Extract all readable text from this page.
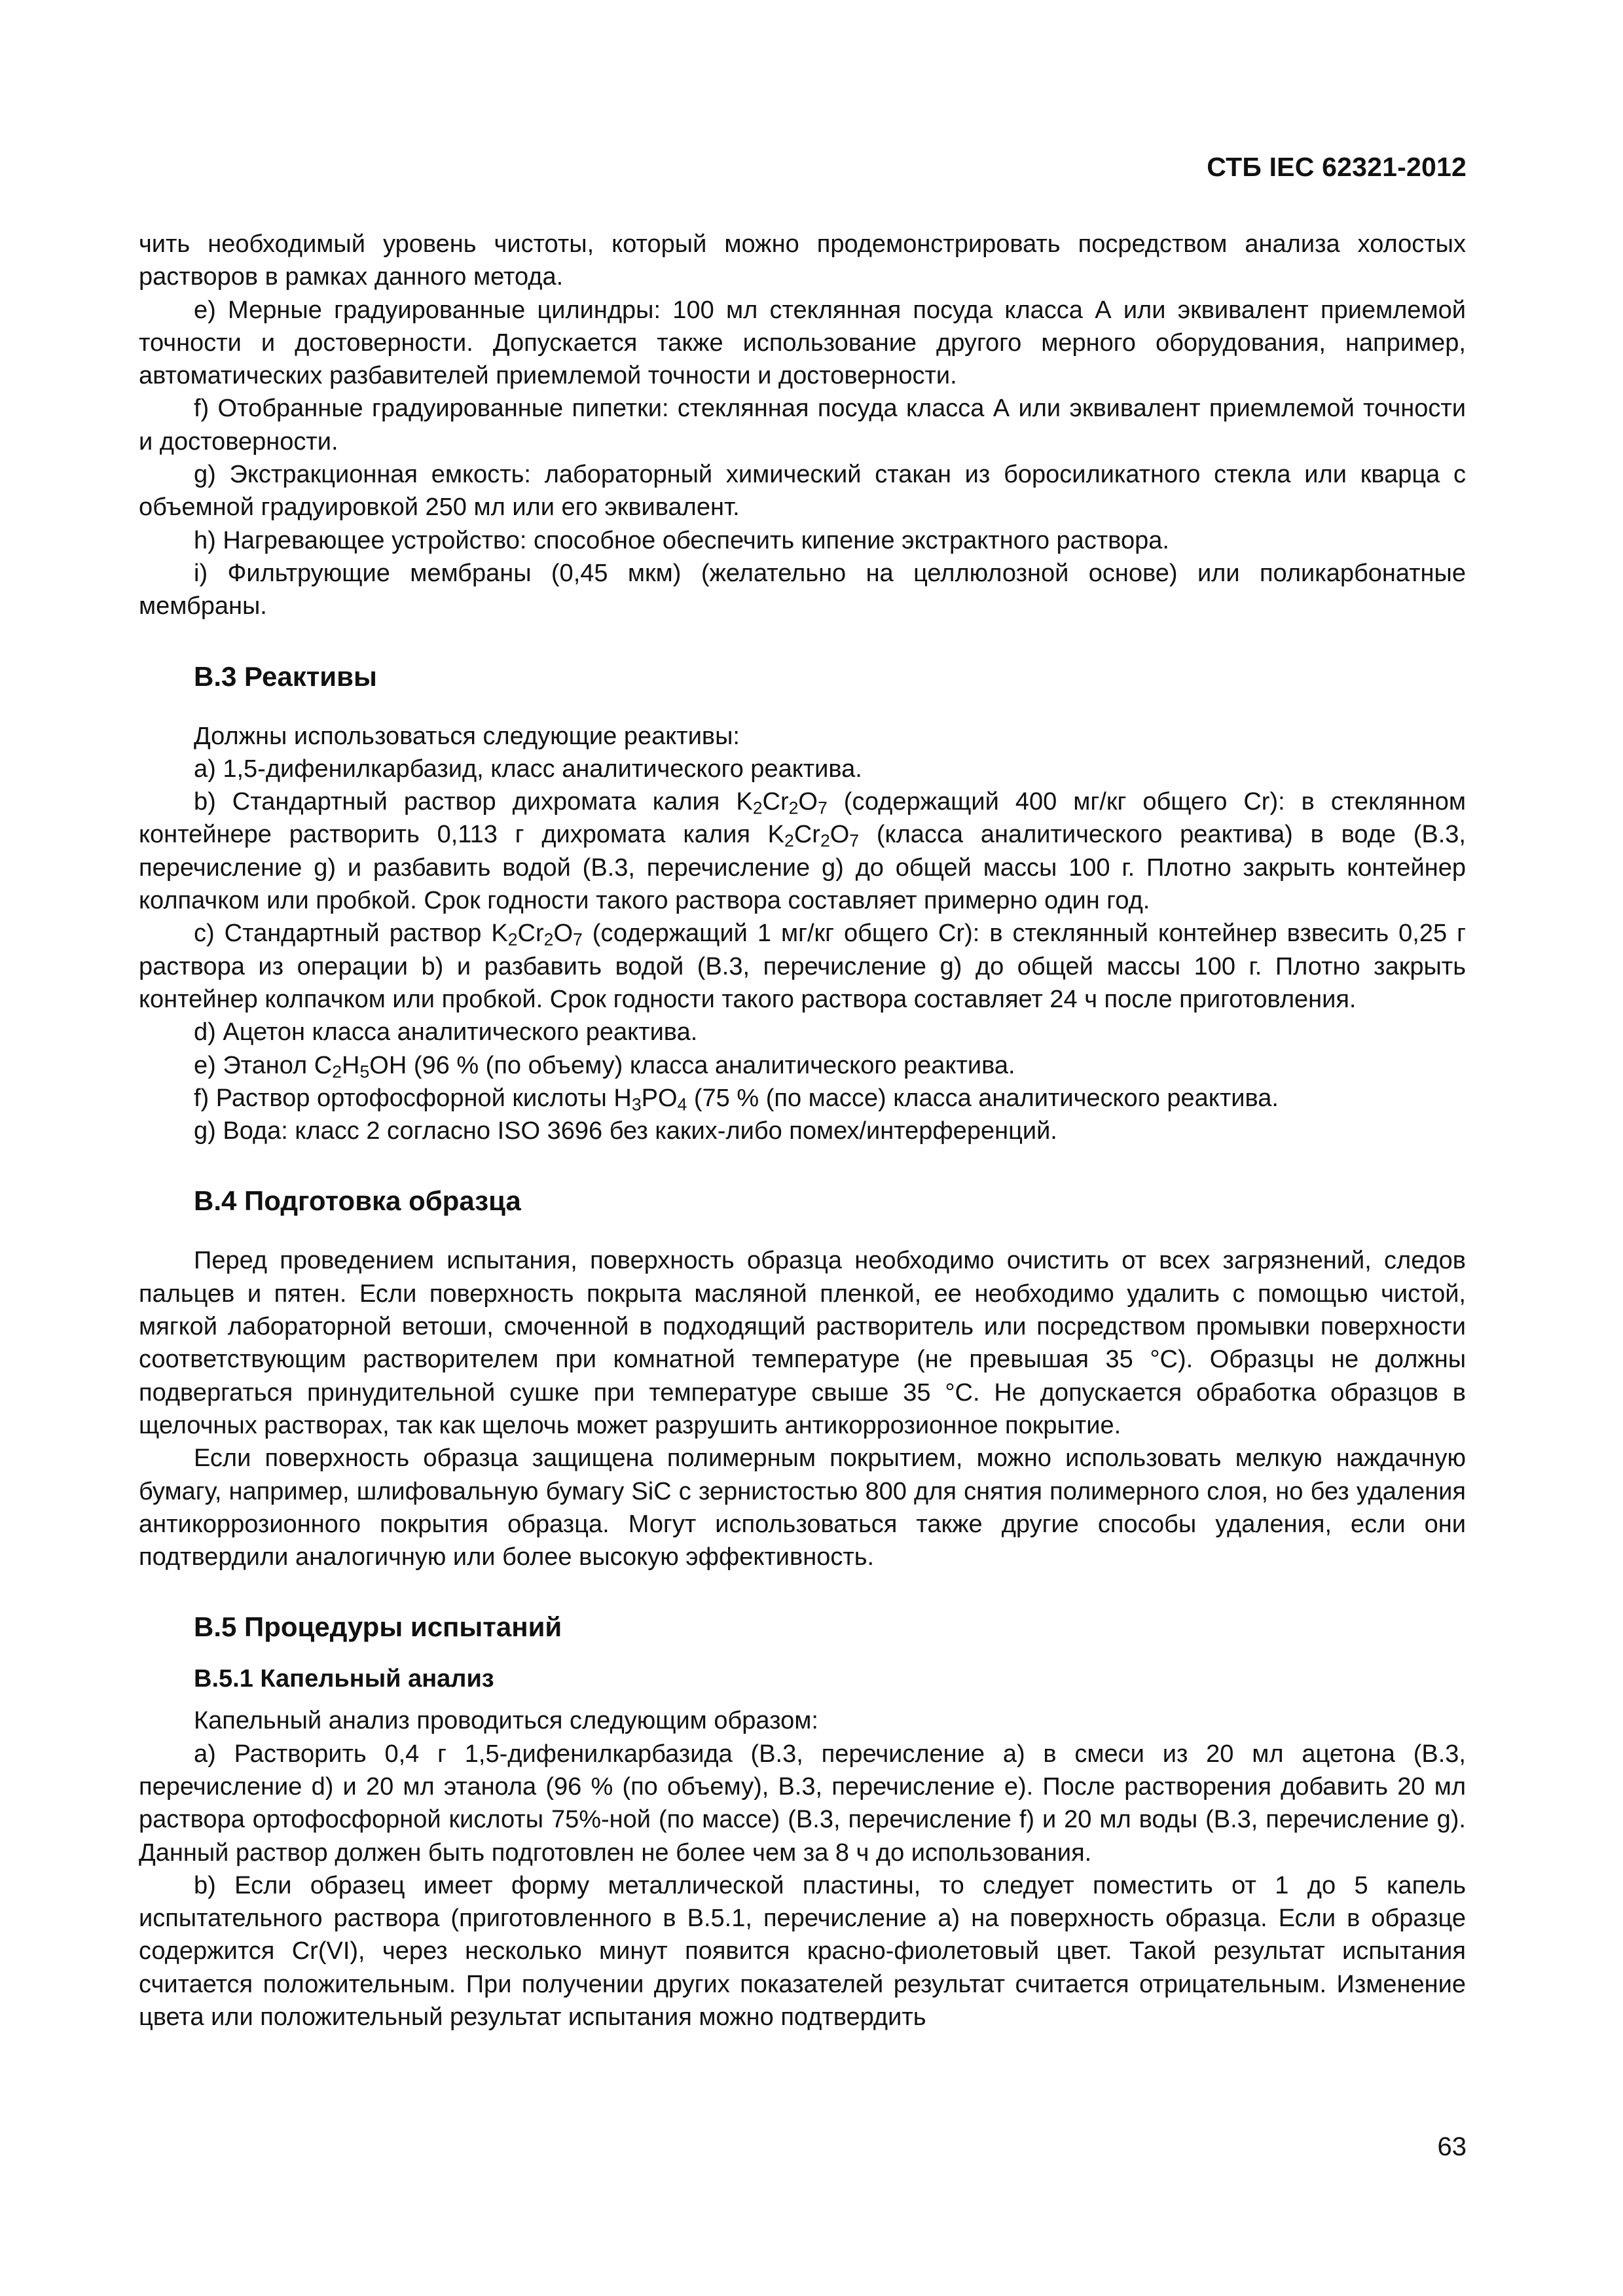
СТБ IEC 62321-2012

чить необходимый уровень чистоты, который можно продемонстрировать посредством анализа холостых растворов в рамках данного метода.

e) Мерные градуированные цилиндры: 100 мл стеклянная посуда класса А или эквивалент приемлемой точности и достоверности. Допускается также использование другого мерного оборудования, например, автоматических разбавителей приемлемой точности и достоверности.

f) Отобранные градуированные пипетки: стеклянная посуда класса А или эквивалент приемлемой точности и достоверности.

g) Экстракционная емкость: лабораторный химический стакан из боросиликатного стекла или кварца с объемной градуировкой 250 мл или его эквивалент.

h) Нагревающее устройство: способное обеспечить кипение экстрактного раствора.

i) Фильтрующие мембраны (0,45 мкм) (желательно на целлюлозной основе) или поликарбонатные мембраны.

B.3 Реактивы

Должны использоваться следующие реактивы:

a) 1,5-дифенилкарбазид, класс аналитического реактива.

b) Стандартный раствор дихромата калия $K_2Cr_2O_7$ (содержащий 400 мг/кг общего Cr): в стеклянном контейнере растворить 0,113 г дихромата калия $K_2Cr_2O_7$ (класса аналитического реактива) в воде (B.3, перечисление g) и разбавить водой (B.3, перечисление g) до общей массы 100 г. Плотно закрыть контейнер колпачком или пробкой. Срок годности такого раствора составляет примерно один год.

c) Стандартный раствор $K_2Cr_2O_7$ (содержащий 1 мг/кг общего Cr): в стеклянный контейнер взвесить 0,25 г раствора из операции b) и разбавить водой (B.3, перечисление g) до общей массы 100 г. Плотно закрыть контейнер колпачком или пробкой. Срок годности такого раствора составляет 24 ч после приготовления.

d) Ацетон класса аналитического реактива.

e) Этанол $C_2H_5OH$ (96 % (по объему) класса аналитического реактива.

f) Раствор ортофосфорной кислоты $H_3PO_4$ (75 % (по массе) класса аналитического реактива.

g) Вода: класс 2 согласно ISO 3696 без каких-либо помех/интерференций.

B.4 Подготовка образца

Перед проведением испытания, поверхность образца необходимо очистить от всех загрязнений, следов пальцев и пятен. Если поверхность покрыта масляной пленкой, ее необходимо удалить с помощью чистой, мягкой лабораторной ветоши, смоченной в подходящий растворитель или посредством промывки поверхности соответствующим растворителем при комнатной температуре (не превышая 35 °С). Образцы не должны подвергаться принудительной сушке при температуре свыше 35 °С. Не допускается обработка образцов в щелочных растворах, так как щелочь может разрушить антикоррозионное покрытие.

Если поверхность образца защищена полимерным покрытием, можно использовать мелкую наждачную бумагу, например, шлифовальную бумагу SiC с зернистостью 800 для снятия полимерного слоя, но без удаления антикоррозионного покрытия образца. Могут использоваться также другие способы удаления, если они подтвердили аналогичную или более высокую эффективность.

B.5 Процедуры испытаний
B.5.1 Капельный анализ

Капельный анализ проводиться следующим образом:

a) Растворить 0,4 г 1,5-дифенилкарбазида (B.3, перечисление a) в смеси из 20 мл ацетона (B.3, перечисление d) и 20 мл этанола (96 % (по объему), B.3, перечисление e). После растворения добавить 20 мл раствора ортофосфорной кислоты 75%-ной (по массе) (B.3, перечисление f) и 20 мл воды (B.3, перечисление g). Данный раствор должен быть подготовлен не более чем за 8 ч до использования.

b) Если образец имеет форму металлической пластины, то следует поместить от 1 до 5 капель испытательного раствора (приготовленного в B.5.1, перечисление a) на поверхность образца. Если в образце содержится Cr(VI), через несколько минут появится красно-фиолетовый цвет. Такой результат испытания считается положительным. При получении других показателей результат считается отрицательным. Изменение цвета или положительный результат испытания можно подтвердить

63
